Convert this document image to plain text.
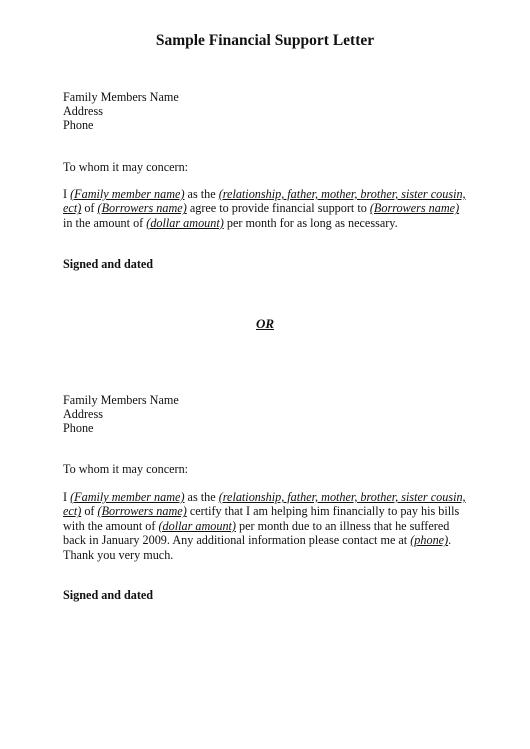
Sample Financial Support Letter
Family Members Name
Address
Phone
To whom it may concern:
I (Family member name) as the (relationship, father, mother, brother, sister cousin, ect) of (Borrowers name) agree to provide financial support to (Borrowers name) in the amount of (dollar amount) per month for as long as necessary.
Signed and dated
OR
Family Members Name
Address
Phone
To whom it may concern:
I (Family member name) as the (relationship, father, mother, brother, sister cousin, ect) of (Borrowers name) certify that I am helping him financially to pay his bills with the amount of (dollar amount) per month due to an illness that he suffered back in January 2009. Any additional information please contact me at (phone). Thank you very much.
Signed and dated
